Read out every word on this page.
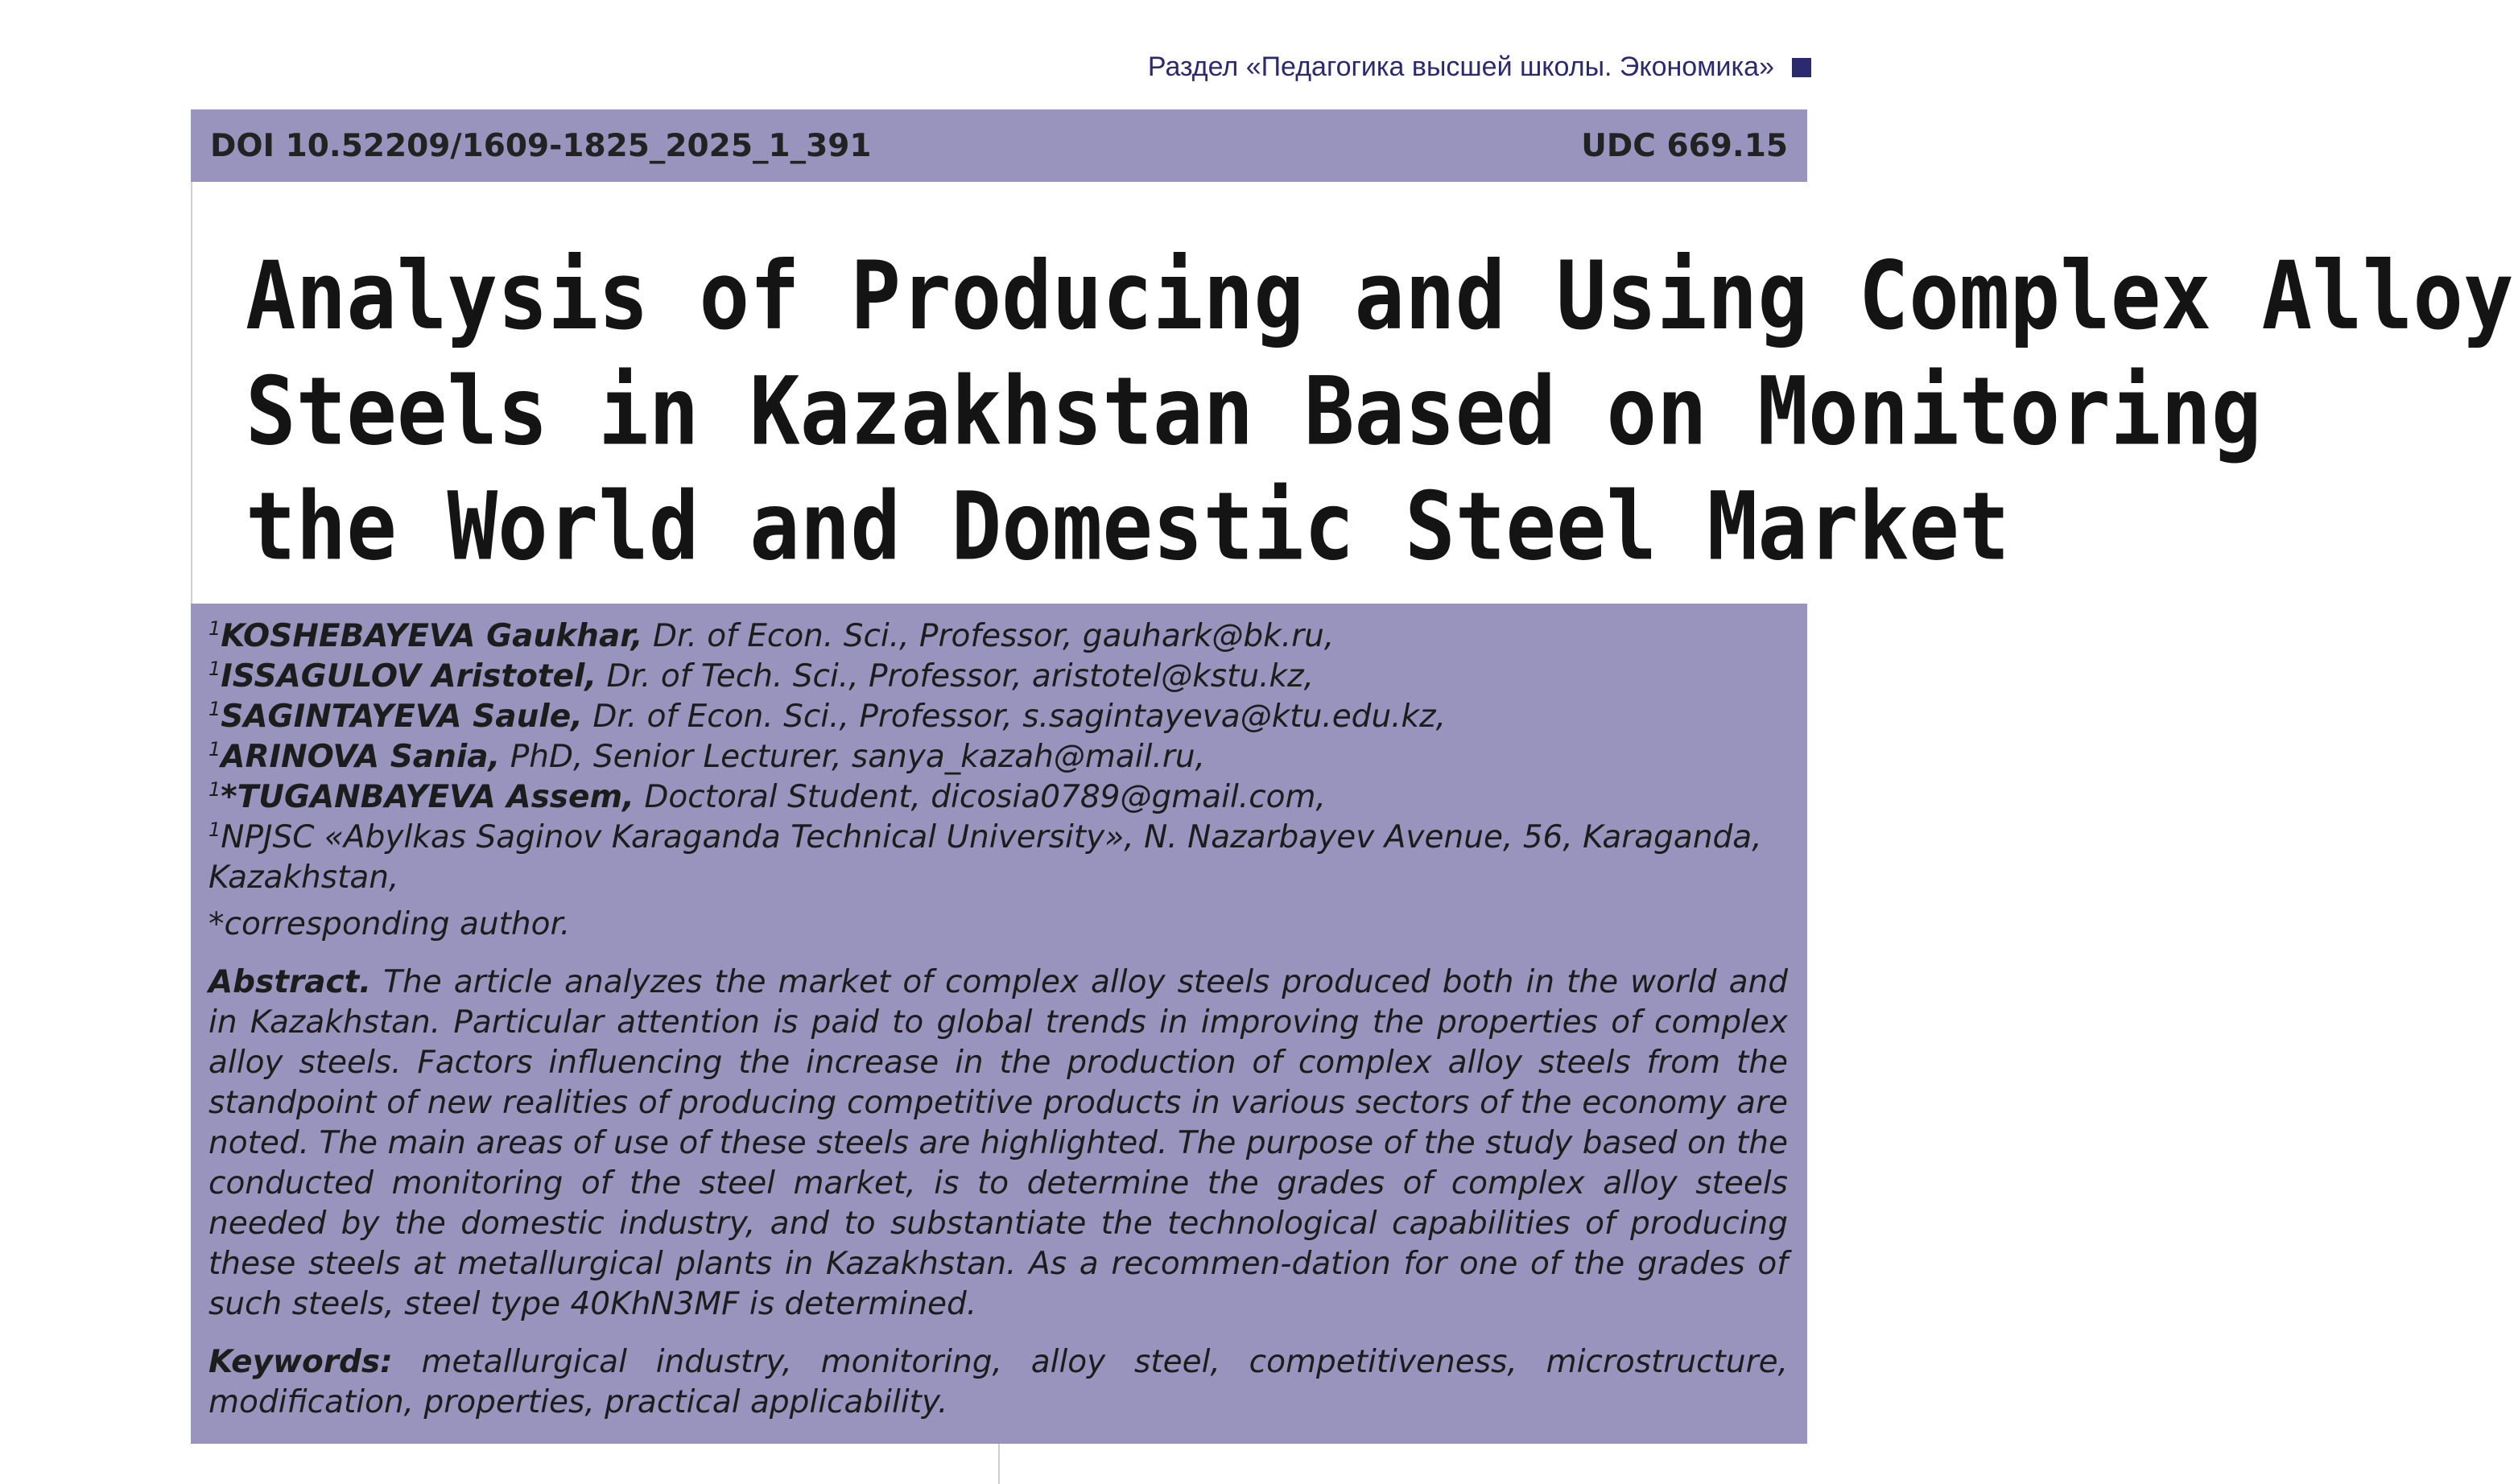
Раздел «Педагогика высшей школы. Экономика»
DOI 10.52209/1609-1825_2025_1_391	UDC 669.15
Analysis of Producing and Using Complex Alloy
Steels in Kazakhstan Based on Monitoring
the World and Domestic Steel Market
$^1$KOSHEBAYEVA Gaukhar, Dr. of Econ. Sci., Professor, gauhark@bk.ru,
$^1$ISSAGULOV Aristotel, Dr. of Tech. Sci., Professor, aristotel@kstu.kz,
$^1$SAGINTAYEVA Saule, Dr. of Econ. Sci., Professor, s.sagintayeva@ktu.edu.kz,
$^1$ARINOVA Sania, PhD, Senior Lecturer, sanya_kazah@mail.ru,
$^1$*TUGANBAYEVA Assem, Doctoral Student, dicosia0789@gmail.com,
$^1$NPJSC «Abylkas Saginov Karaganda Technical University», N. Nazarbayev Avenue, 56, Karaganda, Kazakhstan,
*corresponding author.
Abstract. The article analyzes the market of complex alloy steels produced both in the world and in Kazakhstan. Particular attention is paid to global trends in improving the properties of complex alloy steels. Factors influencing the increase in the production of complex alloy steels from the standpoint of new realities of producing competitive products in various sectors of the economy are noted. The main areas of use of these steels are highlighted. The purpose of the study based on the conducted monitoring of the steel market, is to determine the grades of complex alloy steels needed by the domestic industry, and to substantiate the technological capabilities of producing these steels at metallurgical plants in Kazakhstan. As a recommen-dation for one of the grades of such steels, steel type 40KhN3MF is determined.
Keywords: metallurgical industry, monitoring, alloy steel, competitiveness, microstructure, modification, properties, practical applicability.
